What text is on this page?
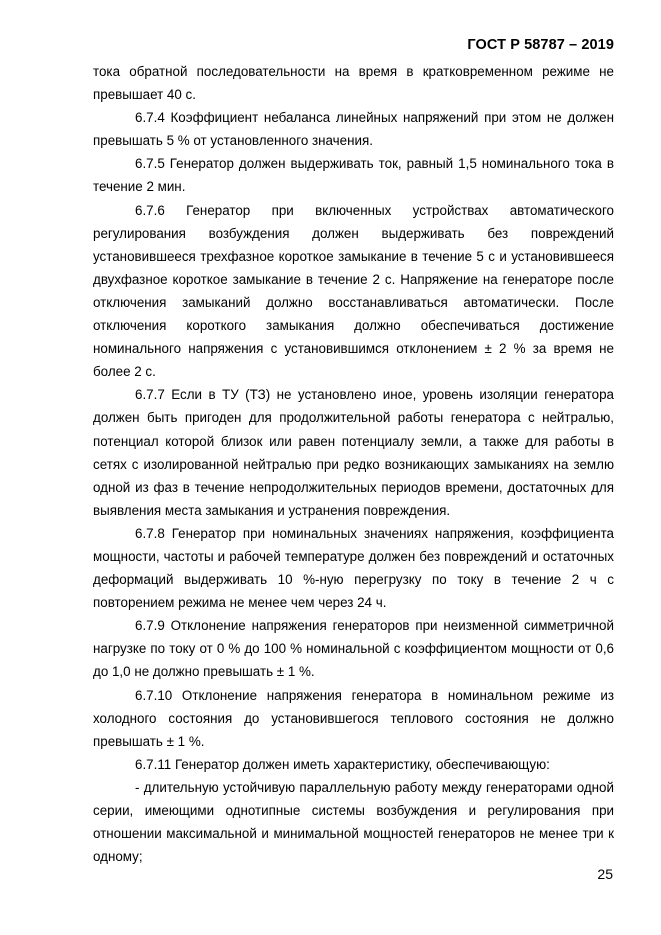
ГОСТ Р 58787 – 2019

тока обратной последовательности на время в кратковременном режиме не превышает 40 с.

6.7.4 Коэффициент небаланса линейных напряжений при этом не должен превышать 5 % от установленного значения.

6.7.5 Генератор должен выдерживать ток, равный 1,5 номинального тока в течение 2 мин.

6.7.6 Генератор при включенных устройствах автоматического регулирования возбуждения должен выдерживать без повреждений установившееся трехфазное короткое замыкание в течение 5 с и установившееся двухфазное короткое замыкание в течение 2 с. Напряжение на генераторе после отключения замыканий должно восстанавливаться автоматически. После отключения короткого замыкания должно обеспечиваться достижение номинального напряжения с установившимся отклонением ± 2 % за время не более 2 с.

6.7.7 Если в ТУ (ТЗ) не установлено иное, уровень изоляции генератора должен быть пригоден для продолжительной работы генератора с нейтралью, потенциал которой близок или равен потенциалу земли, а также для работы в сетях с изолированной нейтралью при редко возникающих замыканиях на землю одной из фаз в течение непродолжительных периодов времени, достаточных для выявления места замыкания и устранения повреждения.

6.7.8 Генератор при номинальных значениях напряжения, коэффициента мощности, частоты и рабочей температуре должен без повреждений и остаточных деформаций выдерживать 10 %-ную перегрузку по току в течение 2 ч с повторением режима не менее чем через 24 ч.

6.7.9 Отклонение напряжения генераторов при неизменной симметричной нагрузке по току от 0 % до 100 % номинальной с коэффициентом мощности от 0,6 до 1,0 не должно превышать ± 1 %.

6.7.10 Отклонение напряжения генератора в номинальном режиме из холодного состояния до установившегося теплового состояния не должно превышать ± 1 %.

6.7.11 Генератор должен иметь характеристику, обеспечивающую:

- длительную устойчивую параллельную работу между генераторами одной серии, имеющими однотипные системы возбуждения и регулирования при отношении максимальной и минимальной мощностей генераторов не менее три к одному;

25
